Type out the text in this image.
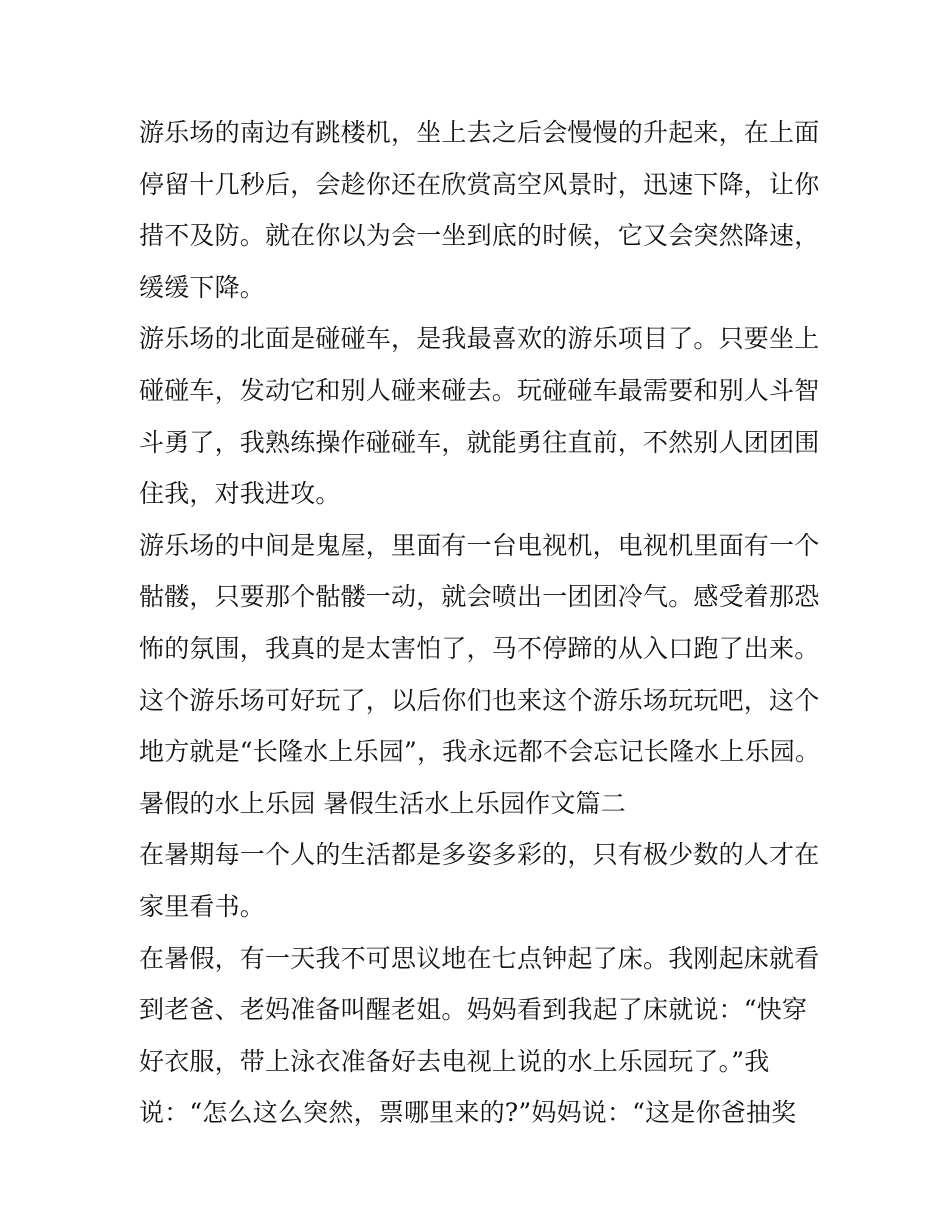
游乐场的南边有跳楼机，坐上去之后会慢慢的升起来，在上面
停留十几秒后，会趁你还在欣赏高空风景时，迅速下降，让你
措不及防。就在你以为会一坐到底的时候，它又会突然降速，
缓缓下降。
游乐场的北面是碰碰车，是我最喜欢的游乐项目了。只要坐上
碰碰车，发动它和别人碰来碰去。玩碰碰车最需要和别人斗智
斗勇了，我熟练操作碰碰车，就能勇往直前，不然别人团团围
住我，对我进攻。
游乐场的中间是鬼屋，里面有一台电视机，电视机里面有一个
骷髅，只要那个骷髅一动，就会喷出一团团冷气。感受着那恐
怖的氛围，我真的是太害怕了，马不停蹄的从入口跑了出来。
这个游乐场可好玩了，以后你们也来这个游乐场玩玩吧，这个
地方就是“长隆水上乐园”，我永远都不会忘记长隆水上乐园。
暑假的水上乐园 暑假生活水上乐园作文篇二
在暑期每一个人的生活都是多姿多彩的，只有极少数的人才在
家里看书。
在暑假，有一天我不可思议地在七点钟起了床。我刚起床就看
到老爸、老妈准备叫醒老姐。妈妈看到我起了床就说：“快穿
好衣服，带上泳衣准备好去电视上说的水上乐园玩了。”我
说：“怎么这么突然，票哪里来的?”妈妈说：“这是你爸抽奖
